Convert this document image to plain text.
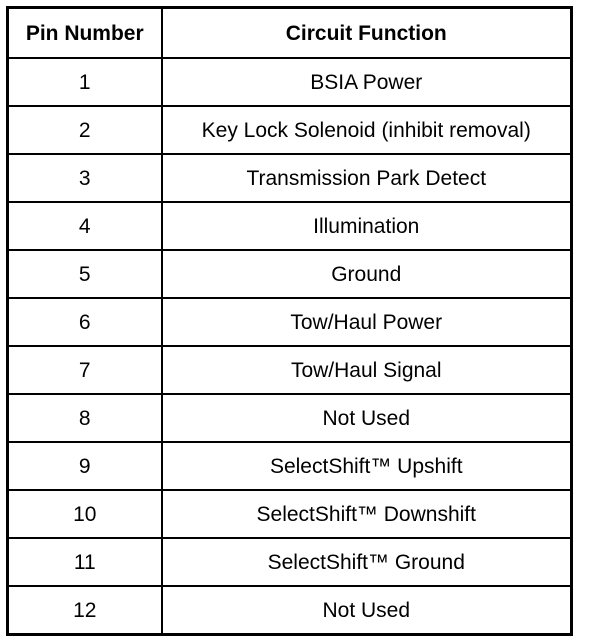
Pin Number	Circuit Function
1	BSIA Power
2	Key Lock Solenoid (inhibit removal)
3	Transmission Park Detect
4	Illumination
5	Ground
6	Tow/Haul Power
7	Tow/Haul Signal
8	Not Used
9	SelectShift™ Upshift
10	SelectShift™ Downshift
11	SelectShift™ Ground
12	Not Used
